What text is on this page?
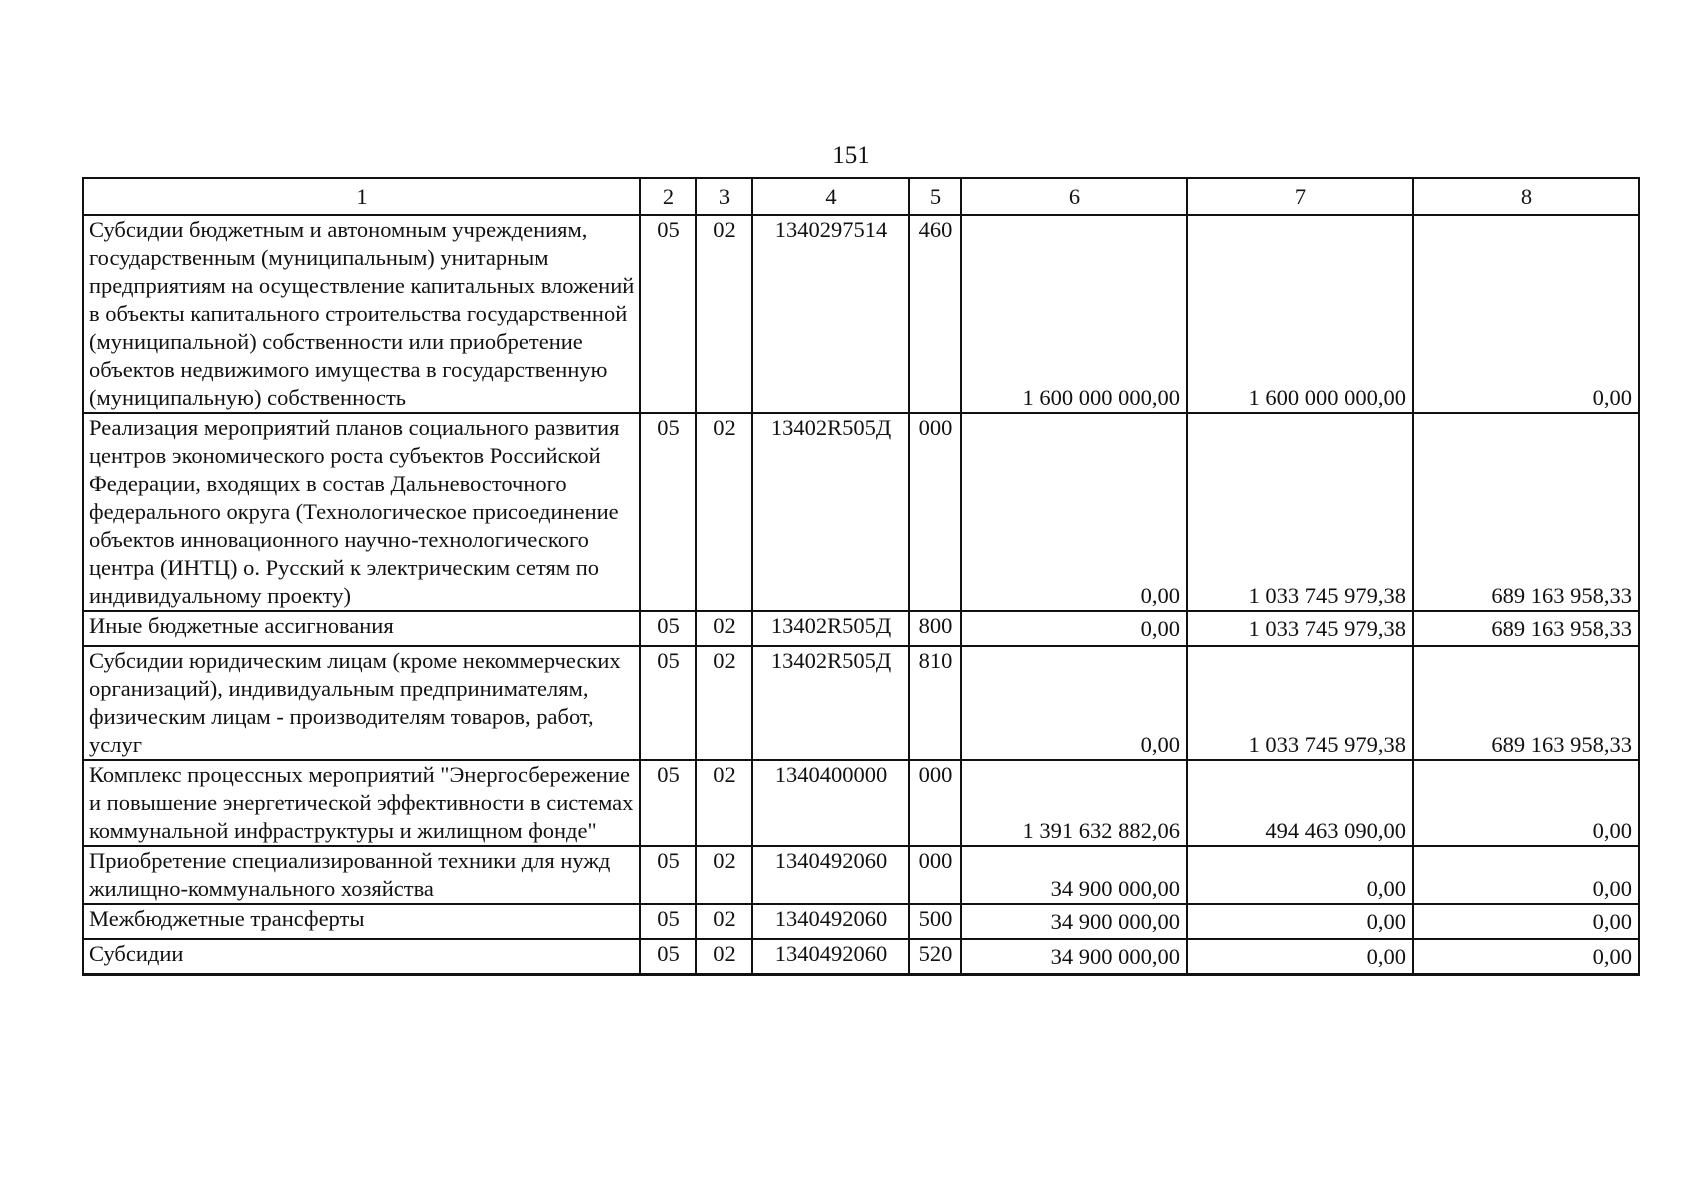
151
1	2	3	4	5	6	7	8
Субсидии бюджетным и автономным учреждениям, государственным (муниципальным) унитарным предприятиям на осуществление капитальных вложений в объекты капитального строительства государственной (муниципальной) собственности или приобретение объектов недвижимого имущества в государственную (муниципальную) собственность	05	02	1340297514	460	1 600 000 000,00	1 600 000 000,00	0,00
Реализация мероприятий планов социального развития центров экономического роста субъектов Российской Федерации, входящих в состав Дальневосточного федерального округа (Технологическое присоединение объектов инновационного научно-технологического центра (ИНТЦ) о. Русский к электрическим сетям по индивидуальному проекту)	05	02	13402R505Д	000	0,00	1 033 745 979,38	689 163 958,33
Иные бюджетные ассигнования	05	02	13402R505Д	800	0,00	1 033 745 979,38	689 163 958,33
Субсидии юридическим лицам (кроме некоммерческих организаций), индивидуальным предпринимателям, физическим лицам - производителям товаров, работ, услуг	05	02	13402R505Д	810	0,00	1 033 745 979,38	689 163 958,33
Комплекс процессных мероприятий "Энергосбережение и повышение энергетической эффективности в системах коммунальной инфраструктуры и жилищном фонде"	05	02	1340400000	000	1 391 632 882,06	494 463 090,00	0,00
Приобретение специализированной техники для нужд жилищно-коммунального хозяйства	05	02	1340492060	000	34 900 000,00	0,00	0,00
Межбюджетные трансферты	05	02	1340492060	500	34 900 000,00	0,00	0,00
Субсидии	05	02	1340492060	520	34 900 000,00	0,00	0,00
